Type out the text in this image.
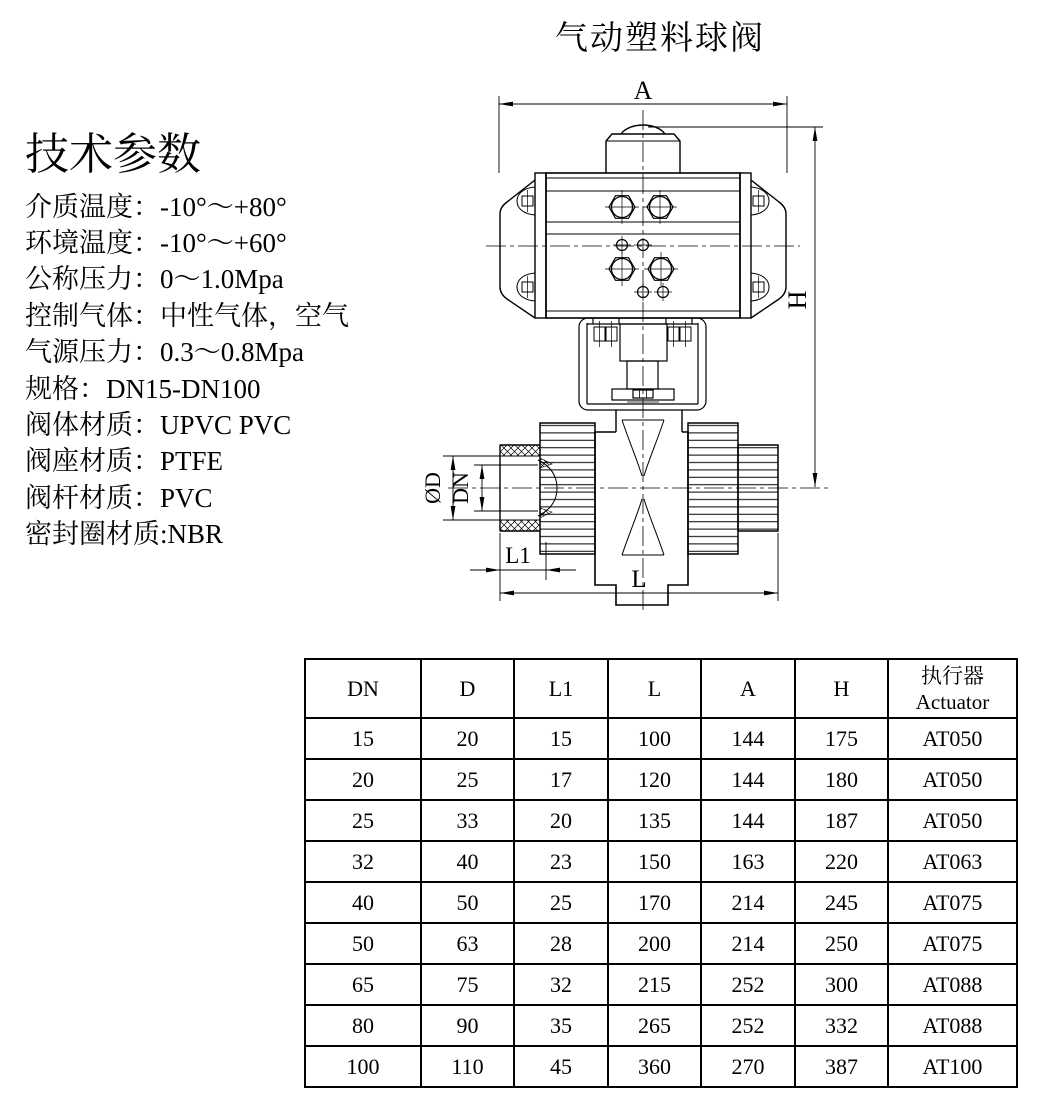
气动塑料球阀
技术参数
介质温度：-10°～+80°
环境温度：-10°～+60°
公称压力：0～1.0Mpa
控制气体：中性气体，空气
气源压力：0.3～0.8Mpa
规格：DN15-DN100
阀体材质：UPVC PVC
阀座材质：PTFE
阀杆材质：PVC
密封圈材质:NBR
A
H
ØD DN
L1
L
DN	D	L1	L	A	H	执行器
Actuator
15	20	15	100	144	175	AT050
20	25	17	120	144	180	AT050
25	33	20	135	144	187	AT050
32	40	23	150	163	220	AT063
40	50	25	170	214	245	AT075
50	63	28	200	214	250	AT075
65	75	32	215	252	300	AT088
80	90	35	265	252	332	AT088
100	110	45	360	270	387	AT100
